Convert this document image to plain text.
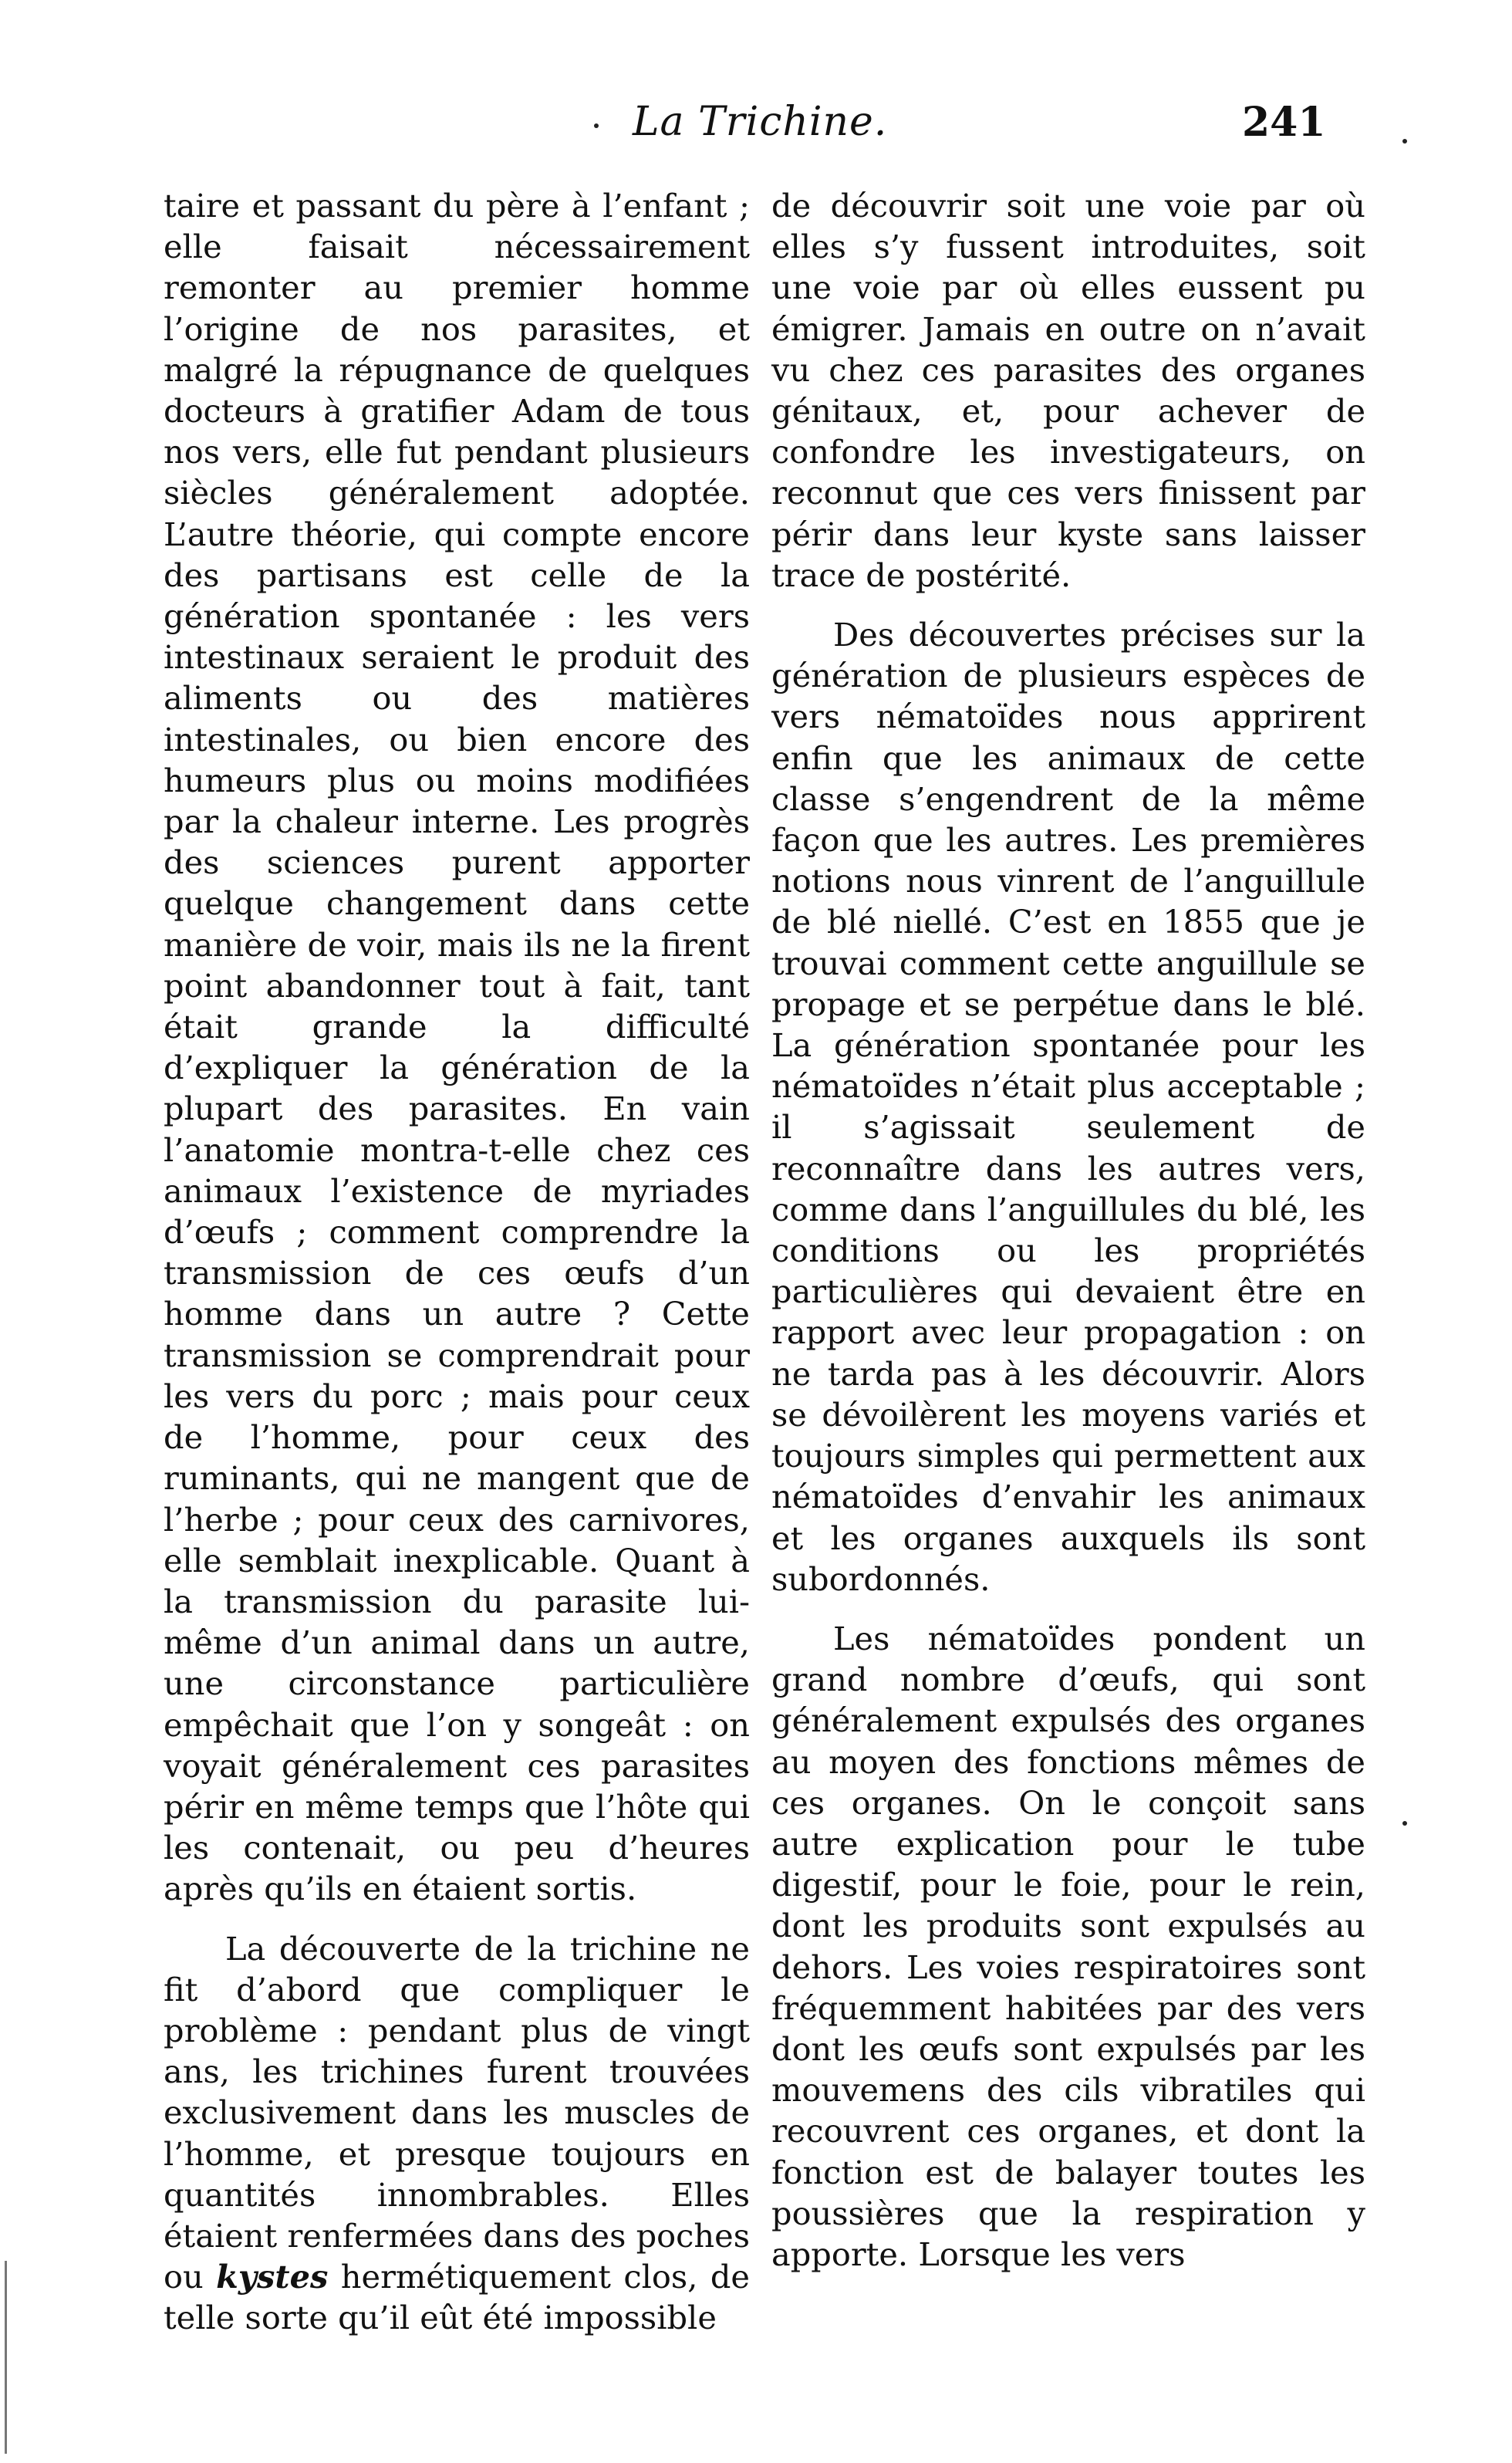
La Trichine.	241

taire et passant du père à l’enfant ; elle faisait nécessairement remonter au premier homme l’origine de nos parasites, et malgré la répugnance de quelques docteurs à gratifier Adam de tous nos vers, elle fut pendant plusieurs siècles généralement adoptée. L’autre théorie, qui compte encore des partisans est celle de la génération spontanée : les vers intestinaux seraient le produit des aliments ou des matières intestinales, ou bien encore des humeurs plus ou moins modifiées par la chaleur interne. Les progrès des sciences purent apporter quelque changement dans cette manière de voir, mais ils ne la firent point abandonner tout à fait, tant était grande la difficulté d’expliquer la génération de la plupart des parasites. En vain l’anatomie montra-t-elle chez ces animaux l’existence de myriades d’œufs ; comment comprendre la transmission de ces œufs d’un homme dans un autre ? Cette transmission se comprendrait pour les vers du porc ; mais pour ceux de l’homme, pour ceux des ruminants, qui ne mangent que de l’herbe ; pour ceux des carnivores, elle semblait inexplicable. Quant à la transmission du parasite lui-même d’un animal dans un autre, une circonstance particulière empêchait que l’on y songeât : on voyait généralement ces parasites périr en même temps que l’hôte qui les contenait, ou peu d’heures après qu’ils en étaient sortis.

La découverte de la trichine ne fit d’abord que compliquer le problème : pendant plus de vingt ans, les trichines furent trouvées exclusivement dans les muscles de l’homme, et presque toujours en quantités innombrables. Elles étaient renfermées dans des poches ou kystes hermétiquement clos, de telle sorte qu’il eût été impossible

de découvrir soit une voie par où elles s’y fussent introduites, soit une voie par où elles eussent pu émigrer. Jamais en outre on n’avait vu chez ces parasites des organes génitaux, et, pour achever de confondre les investigateurs, on reconnut que ces vers finissent par périr dans leur kyste sans laisser trace de postérité.

Des découvertes précises sur la génération de plusieurs espèces de vers nématoïdes nous apprirent enfin que les animaux de cette classe s’engendrent de la même façon que les autres. Les premières notions nous vinrent de l’anguillule de blé niellé. C’est en 1855 que je trouvai comment cette anguillule se propage et se perpétue dans le blé. La génération spontanée pour les nématoïdes n’était plus acceptable ; il s’agissait seulement de reconnaître dans les autres vers, comme dans l’anguillules du blé, les conditions ou les propriétés particulières qui devaient être en rapport avec leur propagation : on ne tarda pas à les découvrir. Alors se dévoilèrent les moyens variés et toujours simples qui permettent aux nématoïdes d’envahir les animaux et les organes auxquels ils sont subordonnés.

Les nématoïdes pondent un grand nombre d’œufs, qui sont généralement expulsés des organes au moyen des fonctions mêmes de ces organes. On le conçoit sans autre explication pour le tube digestif, pour le foie, pour le rein, dont les produits sont expulsés au dehors. Les voies respiratoires sont fréquemment habitées par des vers dont les œufs sont expulsés par les mouvemens des cils vibratiles qui recouvrent ces organes, et dont la fonction est de balayer toutes les poussières que la respiration y apporte. Lorsque les vers
